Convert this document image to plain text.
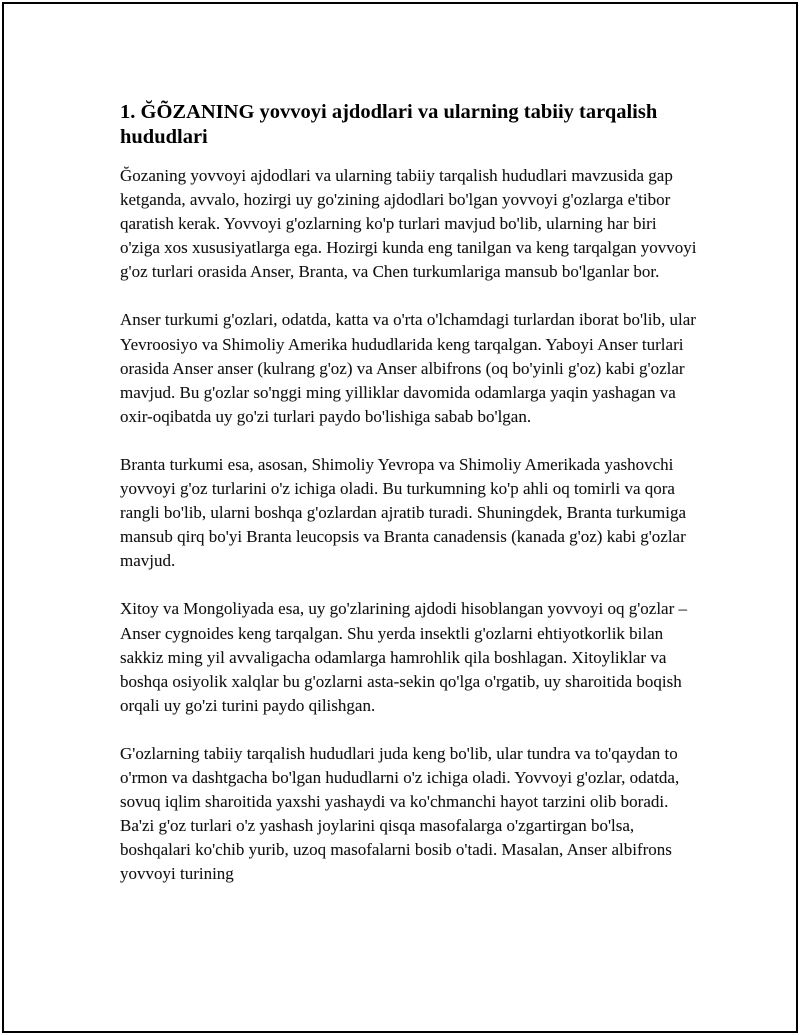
1. ĞÕZANING yovvoyi ajdodlari va ularning tabiiy tarqalish hududlari

Ğozaning yovvoyi ajdodlari va ularning tabiiy tarqalish hududlari mavzusida gap ketganda, avvalo, hozirgi uy go'zining ajdodlari bo'lgan yovvoyi g'ozlarga e'tibor qaratish kerak. Yovvoyi g'ozlarning ko'p turlari mavjud bo'lib, ularning har biri o'ziga xos xususiyatlarga ega. Hozirgi kunda eng tanilgan va keng tarqalgan yovvoyi g'oz turlari orasida Anser, Branta, va Chen turkumlariga mansub bo'lganlar bor.

Anser turkumi g'ozlari, odatda, katta va o'rta o'lchamdagi turlardan iborat bo'lib, ular Yevroosiyo va Shimoliy Amerika hududlarida keng tarqalgan. Yaboyi Anser turlari orasida Anser anser (kulrang g'oz) va Anser albifrons (oq bo'yinli g'oz) kabi g'ozlar mavjud. Bu g'ozlar so'nggi ming yilliklar davomida odamlarga yaqin yashagan va oxir-oqibatda uy go'zi turlari paydo bo'lishiga sabab bo'lgan.

Branta turkumi esa, asosan, Shimoliy Yevropa va Shimoliy Amerikada yashovchi yovvoyi g'oz turlarini o'z ichiga oladi. Bu turkumning ko'p ahli oq tomirli va qora rangli bo'lib, ularni boshqa g'ozlardan ajratib turadi. Shuningdek, Branta turkumiga mansub qirq bo'yi Branta leucopsis va Branta canadensis (kanada g'oz) kabi g'ozlar mavjud.

Xitoy va Mongoliyada esa, uy go'zlarining ajdodi hisoblangan yovvoyi oq g'ozlar – Anser cygnoides keng tarqalgan. Shu yerda insektli g'ozlarni ehtiyotkorlik bilan sakkiz ming yil avvaligacha odamlarga hamrohlik qila boshlagan. Xitoyliklar va boshqa osiyolik xalqlar bu g'ozlarni asta-sekin qo'lga o'rgatib, uy sharoitida boqish orqali uy go'zi turini paydo qilishgan.

G'ozlarning tabiiy tarqalish hududlari juda keng bo'lib, ular tundra va to'qaydan to o'rmon va dashtgacha bo'lgan hududlarni o'z ichiga oladi. Yovvoyi g'ozlar, odatda, sovuq iqlim sharoitida yaxshi yashaydi va ko'chmanchi hayot tarzini olib boradi. Ba'zi g'oz turlari o'z yashash joylarini qisqa masofalarga o'zgartirgan bo'lsa, boshqalari ko'chib yurib, uzoq masofalarni bosib o'tadi. Masalan, Anser albifrons yovvoyi turining
